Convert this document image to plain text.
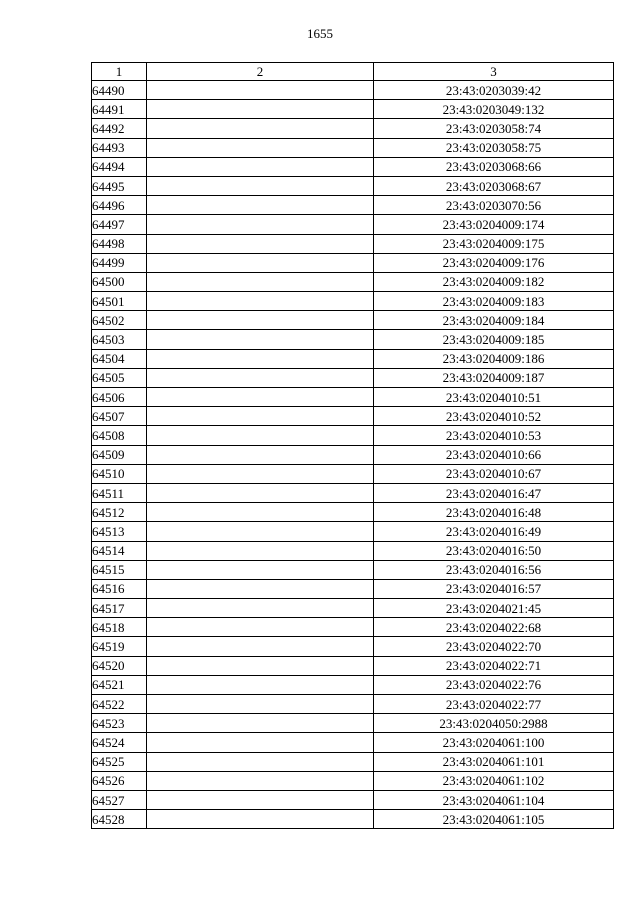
1655
1	2	3
64490		23:43:0203039:42
64491		23:43:0203049:132
64492		23:43:0203058:74
64493		23:43:0203058:75
64494		23:43:0203068:66
64495		23:43:0203068:67
64496		23:43:0203070:56
64497		23:43:0204009:174
64498		23:43:0204009:175
64499		23:43:0204009:176
64500		23:43:0204009:182
64501		23:43:0204009:183
64502		23:43:0204009:184
64503		23:43:0204009:185
64504		23:43:0204009:186
64505		23:43:0204009:187
64506		23:43:0204010:51
64507		23:43:0204010:52
64508		23:43:0204010:53
64509		23:43:0204010:66
64510		23:43:0204010:67
64511		23:43:0204016:47
64512		23:43:0204016:48
64513		23:43:0204016:49
64514		23:43:0204016:50
64515		23:43:0204016:56
64516		23:43:0204016:57
64517		23:43:0204021:45
64518		23:43:0204022:68
64519		23:43:0204022:70
64520		23:43:0204022:71
64521		23:43:0204022:76
64522		23:43:0204022:77
64523		23:43:0204050:2988
64524		23:43:0204061:100
64525		23:43:0204061:101
64526		23:43:0204061:102
64527		23:43:0204061:104
64528		23:43:0204061:105
